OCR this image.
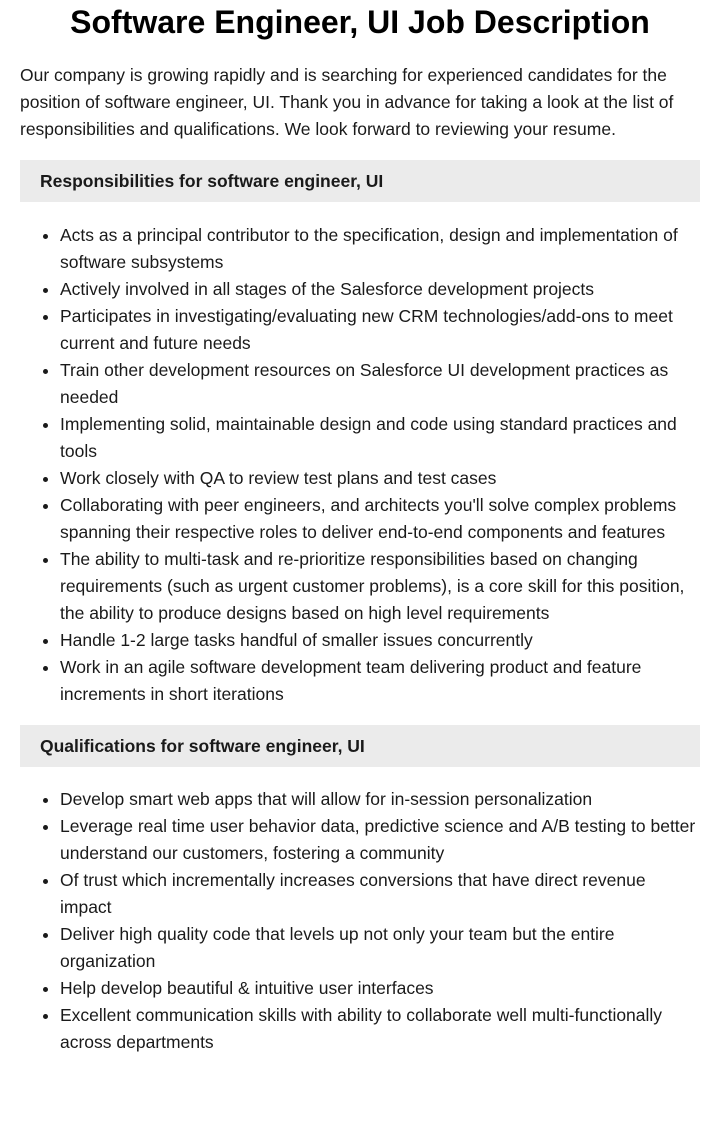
Software Engineer, UI Job Description

Our company is growing rapidly and is searching for experienced candidates for the position of software engineer, UI. Thank you in advance for taking a look at the list of responsibilities and qualifications. We look forward to reviewing your resume.

Responsibilities for software engineer, UI
• Acts as a principal contributor to the specification, design and implementation of software subsystems
• Actively involved in all stages of the Salesforce development projects
• Participates in investigating/evaluating new CRM technologies/add-ons to meet current and future needs
• Train other development resources on Salesforce UI development practices as needed
• Implementing solid, maintainable design and code using standard practices and tools
• Work closely with QA to review test plans and test cases
• Collaborating with peer engineers, and architects you'll solve complex problems spanning their respective roles to deliver end-to-end components and features
• The ability to multi-task and re-prioritize responsibilities based on changing requirements (such as urgent customer problems), is a core skill for this position, the ability to produce designs based on high level requirements
• Handle 1-2 large tasks handful of smaller issues concurrently
• Work in an agile software development team delivering product and feature increments in short iterations
Qualifications for software engineer, UI
• Develop smart web apps that will allow for in-session personalization
• Leverage real time user behavior data, predictive science and A/B testing to better understand our customers, fostering a community
• Of trust which incrementally increases conversions that have direct revenue impact
• Deliver high quality code that levels up not only your team but the entire organization
• Help develop beautiful & intuitive user interfaces
• Excellent communication skills with ability to collaborate well multi-functionally across departments
